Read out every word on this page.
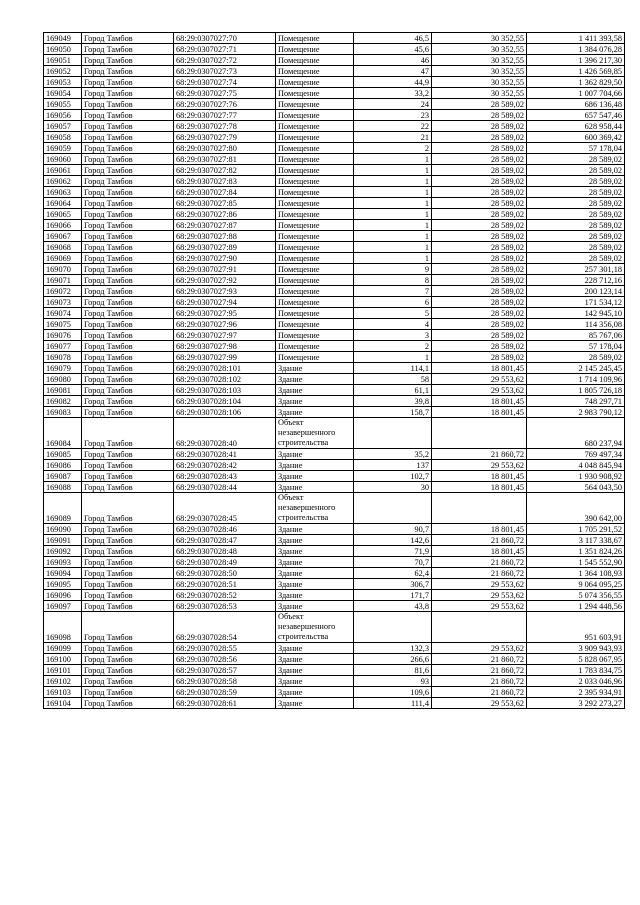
169049	Город Тамбов	68:29:0307027:70	Помещение	46,5	30 352,55	1 411 393,58
169050	Город Тамбов	68:29:0307027:71	Помещение	45,6	30 352,55	1 384 076,28
169051	Город Тамбов	68:29:0307027:72	Помещение	46	30 352,55	1 396 217,30
169052	Город Тамбов	68:29:0307027:73	Помещение	47	30 352,55	1 426 569,85
169053	Город Тамбов	68:29:0307027:74	Помещение	44,9	30 352,55	1 362 829,50
169054	Город Тамбов	68:29:0307027:75	Помещение	33,2	30 352,55	1 007 704,66
169055	Город Тамбов	68:29:0307027:76	Помещение	24	28 589,02	686 136,48
169056	Город Тамбов	68:29:0307027:77	Помещение	23	28 589,02	657 547,46
169057	Город Тамбов	68:29:0307027:78	Помещение	22	28 589,02	628 958,44
169058	Город Тамбов	68:29:0307027:79	Помещение	21	28 589,02	600 369,42
169059	Город Тамбов	68:29:0307027:80	Помещение	2	28 589,02	57 178,04
169060	Город Тамбов	68:29:0307027:81	Помещение	1	28 589,02	28 589,02
169061	Город Тамбов	68:29:0307027:82	Помещение	1	28 589,02	28 589,02
169062	Город Тамбов	68:29:0307027:83	Помещение	1	28 589,02	28 589,02
169063	Город Тамбов	68:29:0307027:84	Помещение	1	28 589,02	28 589,02
169064	Город Тамбов	68:29:0307027:85	Помещение	1	28 589,02	28 589,02
169065	Город Тамбов	68:29:0307027:86	Помещение	1	28 589,02	28 589,02
169066	Город Тамбов	68:29:0307027:87	Помещение	1	28 589,02	28 589,02
169067	Город Тамбов	68:29:0307027:88	Помещение	1	28 589,02	28 589,02
169068	Город Тамбов	68:29:0307027:89	Помещение	1	28 589,02	28 589,02
169069	Город Тамбов	68:29:0307027:90	Помещение	1	28 589,02	28 589,02
169070	Город Тамбов	68:29:0307027:91	Помещение	9	28 589,02	257 301,18
169071	Город Тамбов	68:29:0307027:92	Помещение	8	28 589,02	228 712,16
169072	Город Тамбов	68:29:0307027:93	Помещение	7	28 589,02	200 123,14
169073	Город Тамбов	68:29:0307027:94	Помещение	6	28 589,02	171 534,12
169074	Город Тамбов	68:29:0307027:95	Помещение	5	28 589,02	142 945,10
169075	Город Тамбов	68:29:0307027:96	Помещение	4	28 589,02	114 356,08
169076	Город Тамбов	68:29:0307027:97	Помещение	3	28 589,02	85 767,06
169077	Город Тамбов	68:29:0307027:98	Помещение	2	28 589,02	57 178,04
169078	Город Тамбов	68:29:0307027:99	Помещение	1	28 589,02	28 589,02
169079	Город Тамбов	68:29:0307028:101	Здание	114,1	18 801,45	2 145 245,45
169080	Город Тамбов	68:29:0307028:102	Здание	58	29 553,62	1 714 109,96
169081	Город Тамбов	68:29:0307028:103	Здание	61,1	29 553,62	1 805 726,18
169082	Город Тамбов	68:29:0307028:104	Здание	39,8	18 801,45	748 297,71
169083	Город Тамбов	68:29:0307028:106	Здание	158,7	18 801,45	2 983 790,12
169084	Город Тамбов	68:29:0307028:40	Объект незавершенного строительства			680 237,94
169085	Город Тамбов	68:29:0307028:41	Здание	35,2	21 860,72	769 497,34
169086	Город Тамбов	68:29:0307028:42	Здание	137	29 553,62	4 048 845,94
169087	Город Тамбов	68:29:0307028:43	Здание	102,7	18 801,45	1 930 908,92
169088	Город Тамбов	68:29:0307028:44	Здание	30	18 801,45	564 043,50
169089	Город Тамбов	68:29:0307028:45	Объект незавершенного строительства			390 642,00
169090	Город Тамбов	68:29:0307028:46	Здание	90,7	18 801,45	1 705 291,52
169091	Город Тамбов	68:29:0307028:47	Здание	142,6	21 860,72	3 117 338,67
169092	Город Тамбов	68:29:0307028:48	Здание	71,9	18 801,45	1 351 824,26
169093	Город Тамбов	68:29:0307028:49	Здание	70,7	21 860,72	1 545 552,90
169094	Город Тамбов	68:29:0307028:50	Здание	62,4	21 860,72	1 364 108,93
169095	Город Тамбов	68:29:0307028:51	Здание	306,7	29 553,62	9 064 095,25
169096	Город Тамбов	68:29:0307028:52	Здание	171,7	29 553,62	5 074 356,55
169097	Город Тамбов	68:29:0307028:53	Здание	43,8	29 553,62	1 294 448,56
169098	Город Тамбов	68:29:0307028:54	Объект незавершенного строительства			951 603,91
169099	Город Тамбов	68:29:0307028:55	Здание	132,3	29 553,62	3 909 943,93
169100	Город Тамбов	68:29:0307028:56	Здание	266,6	21 860,72	5 828 067,95
169101	Город Тамбов	68:29:0307028:57	Здание	81,6	21 860,72	1 783 834,75
169102	Город Тамбов	68:29:0307028:58	Здание	93	21 860,72	2 033 046,96
169103	Город Тамбов	68:29:0307028:59	Здание	109,6	21 860,72	2 395 934,91
169104	Город Тамбов	68:29:0307028:61	Здание	111,4	29 553,62	3 292 273,27
